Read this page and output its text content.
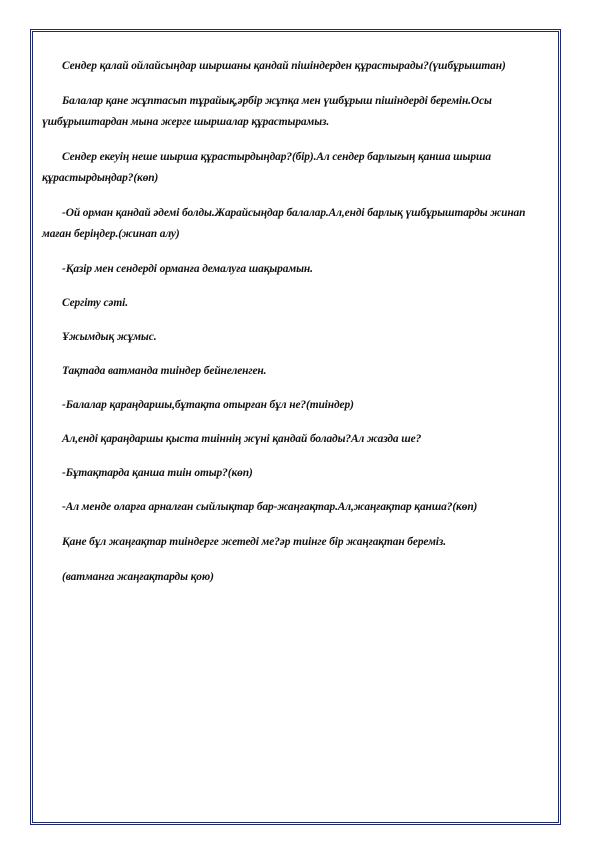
Сендер қалай ойлайсыңдар шыршаны қандай пішіндерден құрастырады?(үшбұрыштан)

Балалар қане жұптасып тұрайық,әрбір жұпқа мен үшбұрыш пішіндерді беремін.Осы үшбұрыштардан мына жерге шыршалар құрастырамыз.

Сендер екеуің неше шырша құрастырдыңдар?(бір).Ал сендер барлығың қанша шырша құрастырдыңдар?(көп)

-Ой орман қандай әдемі болды.Жарайсыңдар балалар.Ал,енді барлық үшбұрыштарды жинап маған беріңдер.(жинап алу)

-Қазір мен сендерді орманға демалуға шақырамын.

Сергіту сәті.

Ұжымдық жұмыс.

Тақтада ватманда тиіндер бейнеленген.

-Балалар қараңдаршы,бұтақта отырған бұл не?(тиіндер)

Ал,енді қараңдаршы қыста тиіннің жүні қандай болады?Ал жазда ше?

-Бұтақтарда қанша тиін отыр?(көп)

-Ал менде оларға арналған сыйлықтар бар-жаңғақтар.Ал,жаңғақтар қанша?(көп)

Қане бұл жаңғақтар тиіндерге жетеді ме?әр тиінге бір жаңғақтан береміз.

(ватманға жаңғақтарды қою)
